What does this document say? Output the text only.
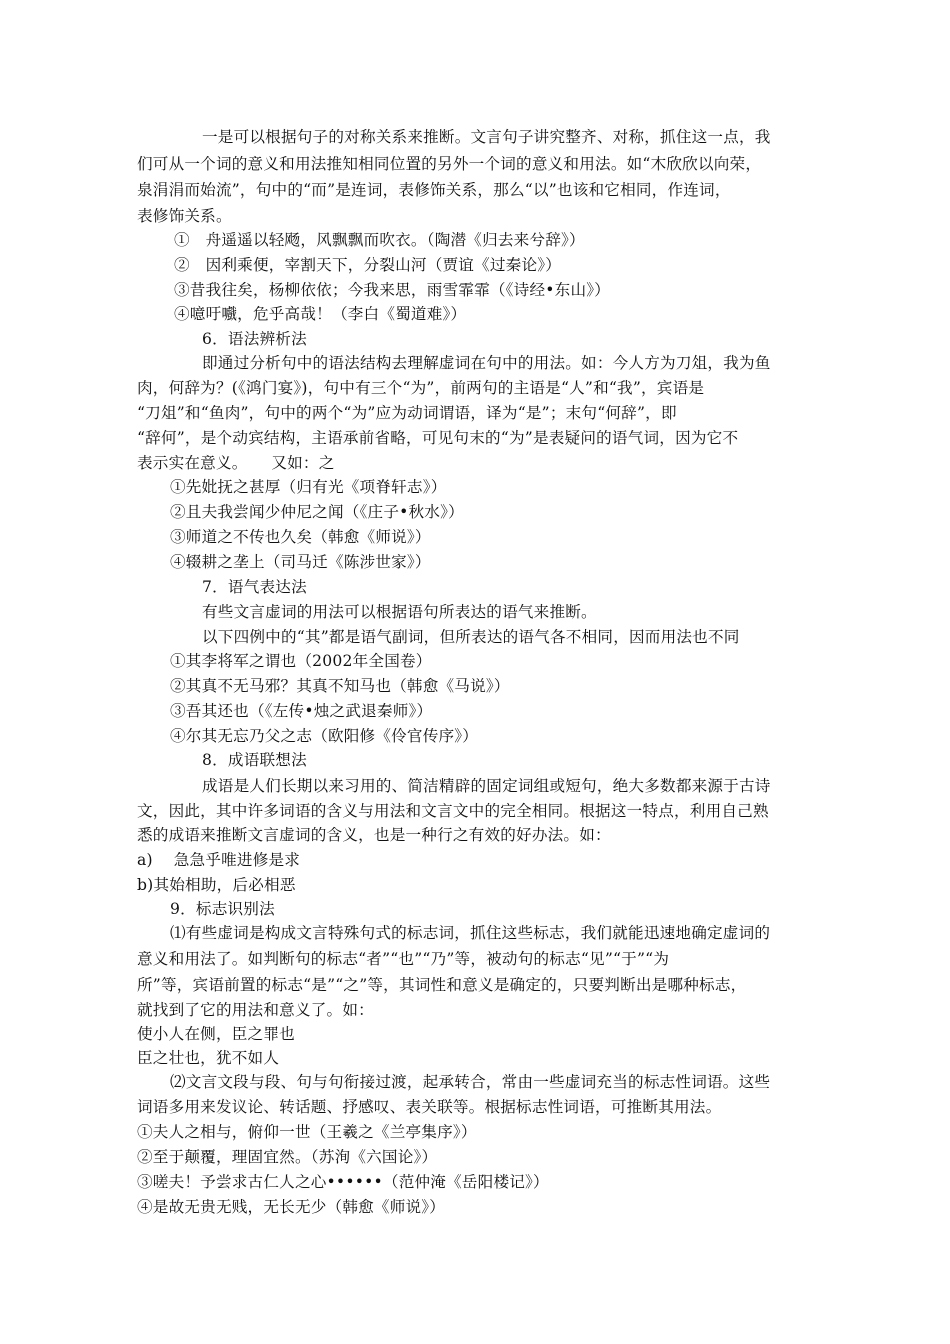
一是可以根据句子的对称关系来推断。文言句子讲究整齐、对称，抓住这一点，我
们可从一个词的意义和用法推知相同位置的另外一个词的意义和用法。如“木欣欣以向荣，
泉涓涓而始流”，句中的“而”是连词，表修饰关系，那么“以”也该和它相同，作连词，
表修饰关系。
①　舟遥遥以轻飏，风飘飘而吹衣。（陶潜《归去来兮辞》）
②　因利乘便，宰割天下，分裂山河（贾谊《过秦论》）
③昔我往矣，杨柳依依；今我来思，雨雪霏霏（《诗经•东山》）
④噫吁嚱，危乎高哉！（李白《蜀道难》）
6．语法辨析法
即通过分析句中的语法结构去理解虚词在句中的用法。如：今人方为刀俎，我为鱼
肉，何辞为？(《鸿门宴》)，句中有三个“为”，前两句的主语是“人”和“我”，宾语是
“刀俎”和“鱼肉”，句中的两个“为”应为动词谓语，译为“是”；末句“何辞”，即
“辞何”，是个动宾结构，主语承前省略，可见句末的“为”是表疑问的语气词，因为它不
表示实在意义。　　又如：之
①先妣抚之甚厚（归有光《项脊轩志》）
②且夫我尝闻少仲尼之闻（《庄子•秋水》）
③师道之不传也久矣（韩愈《师说》）
④辍耕之垄上（司马迁《陈涉世家》）
7．语气表达法
有些文言虚词的用法可以根据语句所表达的语气来推断。
以下四例中的“其”都是语气副词，但所表达的语气各不相同，因而用法也不同
①其李将军之谓也（2002年全国卷）
②其真不无马邪？其真不知马也（韩愈《马说》）
③吾其还也（《左传•烛之武退秦师》）
④尔其无忘乃父之志（欧阳修《伶官传序》）
8．成语联想法
成语是人们长期以来习用的、简洁精辟的固定词组或短句，绝大多数都来源于古诗
文，因此，其中许多词语的含义与用法和文言文中的完全相同。根据这一特点，利用自己熟
悉的成语来推断文言虚词的含义，也是一种行之有效的好办法。如：
a)　 急急乎唯进修是求
b)其始相助，后必相恶
9．标志识别法
⑴有些虚词是构成文言特殊句式的标志词，抓住这些标志，我们就能迅速地确定虚词的
意义和用法了。如判断句的标志“者”“也”“乃”等，被动句的标志“见”“于”“为
所”等，宾语前置的标志“是”“之”等，其词性和意义是确定的，只要判断出是哪种标志，
就找到了它的用法和意义了。如：
使小人在侧，臣之罪也
臣之壮也，犹不如人
⑵文言文段与段、句与句衔接过渡，起承转合，常由一些虚词充当的标志性词语。这些
词语多用来发议论、转话题、抒感叹、表关联等。根据标志性词语，可推断其用法。
①夫人之相与，俯仰一世（王羲之《兰亭集序》）
②至于颠覆，理固宜然。（苏洵《六国论》）
③嗟夫！予尝求古仁人之心••••••（范仲淹《岳阳楼记》）
④是故无贵无贱，无长无少（韩愈《师说》）
